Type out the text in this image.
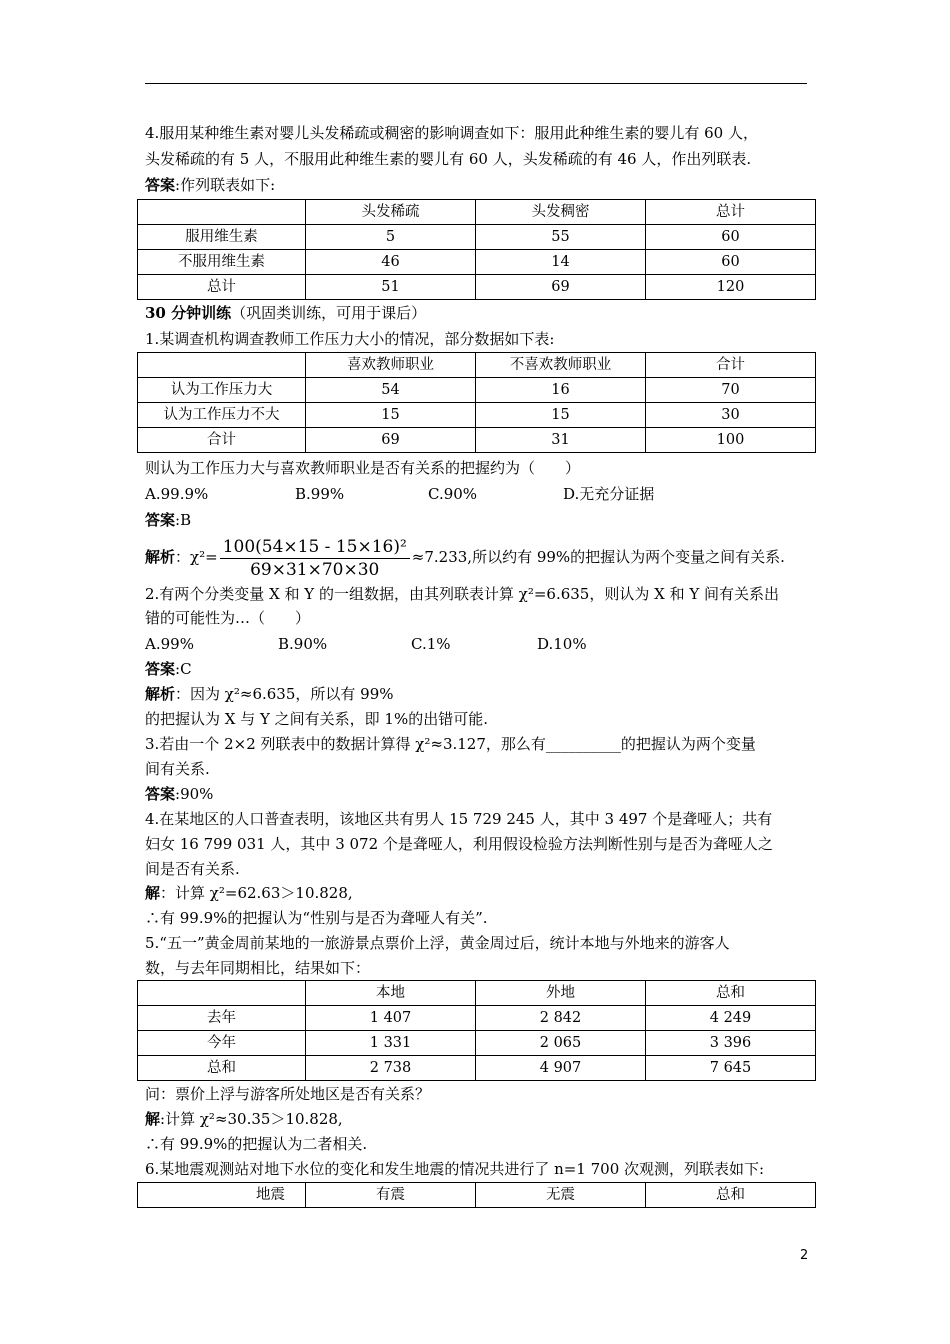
4.服用某种维生素对婴儿头发稀疏或稠密的影响调查如下：服用此种维生素的婴儿有 60 人，
头发稀疏的有 5 人，不服用此种维生素的婴儿有 60 人，头发稀疏的有 46 人，作出列联表.
答案:作列联表如下:
	头发稀疏	头发稠密	总计
服用维生素	5	55	60
不服用维生素	46	14	60
总计	51	69	120
30 分钟训练（巩固类训练，可用于课后）
1.某调查机构调查教师工作压力大小的情况，部分数据如下表:
	喜欢教师职业	不喜欢教师职业	合计
认为工作压力大	54	16	70
认为工作压力不大	15	15	30
合计	69	31	100
则认为工作压力大与喜欢教师职业是否有关系的把握约为（　　）
A.99.9%	B.99%	C.90%	D.无充分证据
答案:B
解析：$\chi^2= \frac{\text{100(54×15 - 15×16)²}}{69\times 31\times 70\times 30} \approx 7.233$,所以约有 99%的把握认为两个变量之间有关系.
2.有两个分类变量 X 和 Y 的一组数据，由其列联表计算 χ²=6.635，则认为 X 和 Y 间有关系出
错的可能性为…（　　）
A.99%	B.90%	C.1%	D.10%
答案:C
解析：因为 χ²≈6.635，所以有 99%
的把握认为 X 与 Y 之间有关系，即 1%的出错可能.
3.若由一个 2×2 列联表中的数据计算得 χ²≈3.127，那么有__________的把握认为两个变量
间有关系.
答案:90%
4.在某地区的人口普查表明，该地区共有男人 15 729 245 人，其中 3 497 个是聋哑人；共有
妇女 16 799 031 人，其中 3 072 个是聋哑人，利用假设检验方法判断性别与是否为聋哑人之
间是否有关系.
解：计算 χ²=62.63＞10.828,
∴有 99.9%的把握认为“性别与是否为聋哑人有关”.
5.“五一”黄金周前某地的一旅游景点票价上浮，黄金周过后，统计本地与外地来的游客人
数，与去年同期相比，结果如下：
	本地	外地	总和
去年	1 407	2 842	4 249
今年	1 331	2 065	3 396
总和	2 738	4 907	7 645
问：票价上浮与游客所处地区是否有关系？
解:计算 χ²≈30.35＞10.828,
∴有 99.9%的把握认为二者相关.
6.某地震观测站对地下水位的变化和发生地震的情况共进行了 n=1 700 次观测，列联表如下:
地震	有震	无震	总和
2
